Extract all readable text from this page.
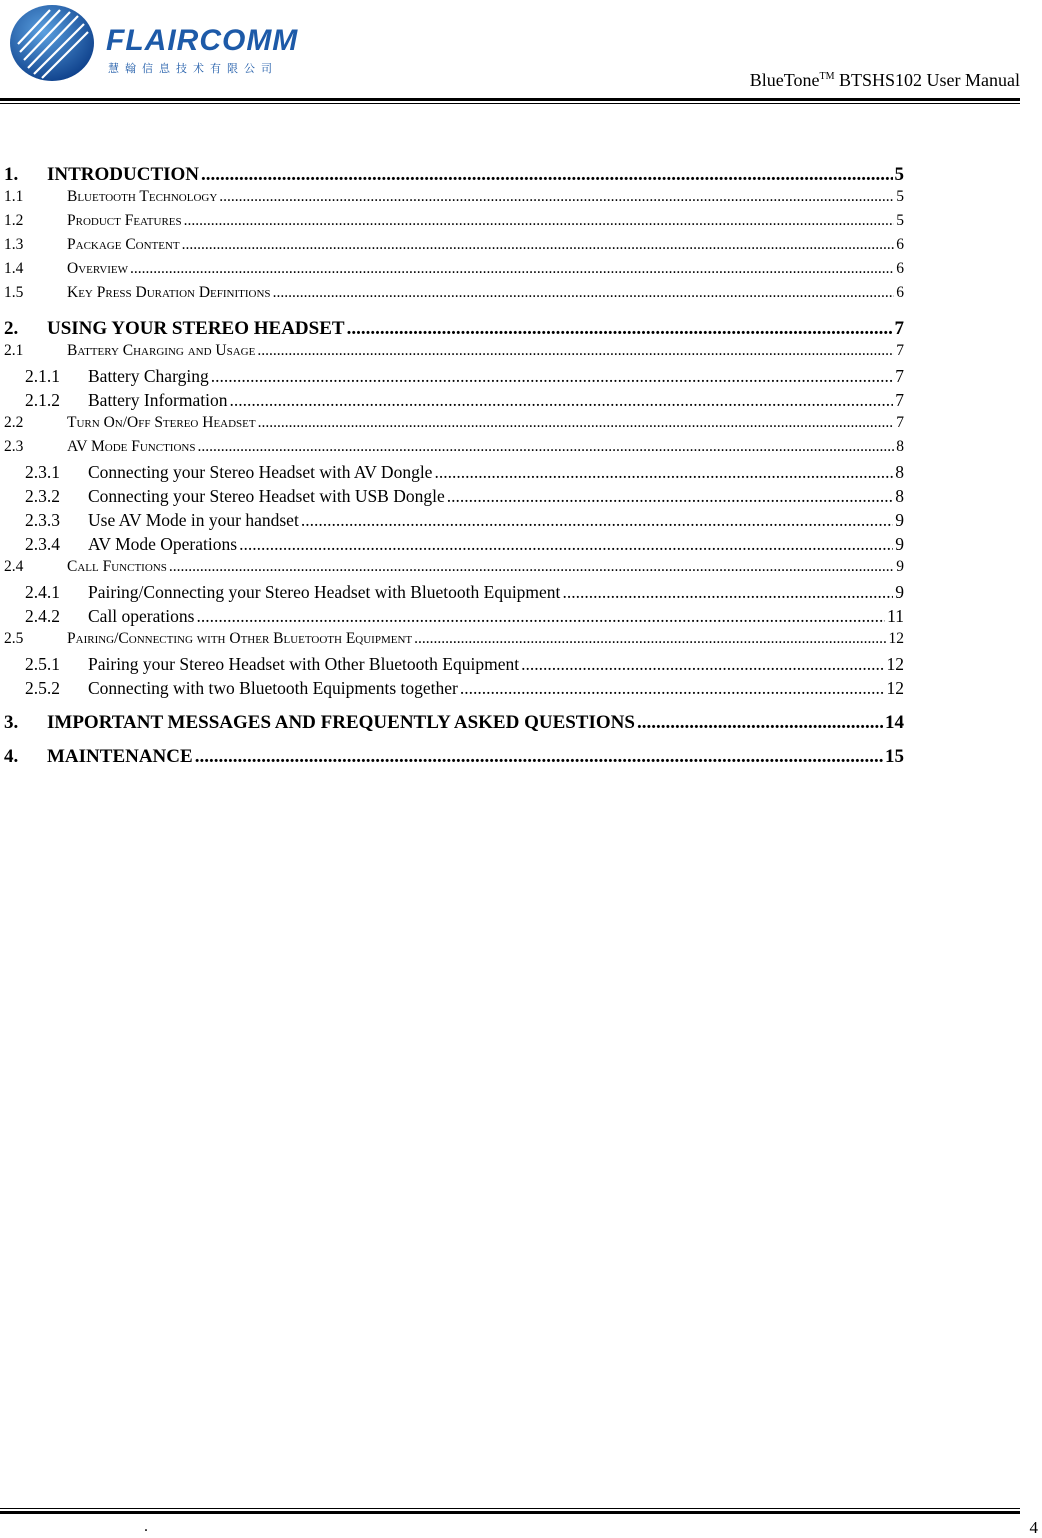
FLAIRCOMM
慧翰信息技术有限公司
BlueTone™ BTSHS102 User Manual
1.	INTRODUCTION .....	5
1.1	Bluetooth Technology .....	5
1.2	Product Features .....	5
1.3	Package Content .....	6
1.4	Overview .....	6
1.5	Key Press Duration Definitions .....	6
2.	USING YOUR STEREO HEADSET .....	7
2.1	Battery Charging and Usage .....	7
2.1.1	Battery Charging .....	7
2.1.2	Battery Information .....	7
2.2	Turn On/Off Stereo Headset .....	7
2.3	AV Mode Functions .....	8
2.3.1	Connecting your Stereo Headset with AV Dongle .....	8
2.3.2	Connecting your Stereo Headset with USB Dongle .....	8
2.3.3	Use AV Mode in your handset .....	9
2.3.4	AV Mode Operations .....	9
2.4	Call Functions .....	9
2.4.1	Pairing/Connecting your Stereo Headset with Bluetooth Equipment .....	9
2.4.2	Call operations .....	11
2.5	Pairing/Connecting with Other Bluetooth Equipment .....	12
2.5.1	Pairing your Stereo Headset with Other Bluetooth Equipment .....	12
2.5.2	Connecting with two Bluetooth Equipments together .....	12
3.	IMPORTANT MESSAGES AND FREQUENTLY ASKED QUESTIONS .....	14
4.	MAINTENANCE .....	15
.	4
